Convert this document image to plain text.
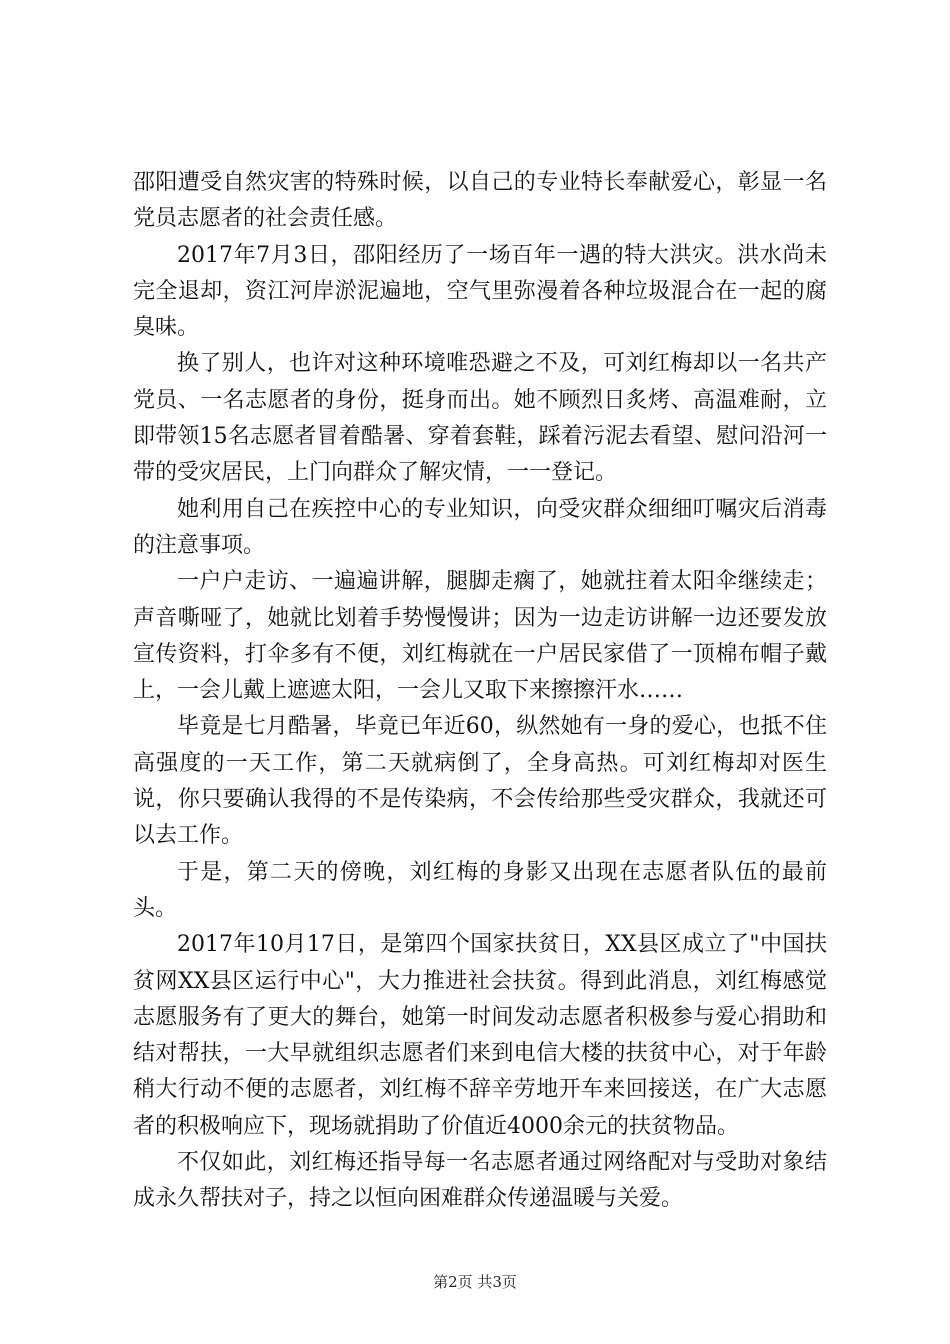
邵阳遭受自然灾害的特殊时候，以自己的专业特长奉献爱心，彰显一名党员志愿者的社会责任感。

2017年7月3日，邵阳经历了一场百年一遇的特大洪灾。洪水尚未完全退却，资江河岸淤泥遍地，空气里弥漫着各种垃圾混合在一起的腐臭味。

换了别人，也许对这种环境唯恐避之不及，可刘红梅却以一名共产党员、一名志愿者的身份，挺身而出。她不顾烈日炙烤、高温难耐，立即带领15名志愿者冒着酷暑、穿着套鞋，踩着污泥去看望、慰问沿河一带的受灾居民，上门向群众了解灾情，一一登记。

她利用自己在疾控中心的专业知识，向受灾群众细细叮嘱灾后消毒的注意事项。

一户户走访、一遍遍讲解，腿脚走瘸了，她就拄着太阳伞继续走；声音嘶哑了，她就比划着手势慢慢讲；因为一边走访讲解一边还要发放宣传资料，打伞多有不便，刘红梅就在一户居民家借了一顶棉布帽子戴上，一会儿戴上遮遮太阳，一会儿又取下来擦擦汗水……

毕竟是七月酷暑，毕竟已年近60，纵然她有一身的爱心，也抵不住高强度的一天工作，第二天就病倒了，全身高热。可刘红梅却对医生说，你只要确认我得的不是传染病，不会传给那些受灾群众，我就还可以去工作。

于是，第二天的傍晚，刘红梅的身影又出现在志愿者队伍的最前头。

2017年10月17日，是第四个国家扶贫日，XX县区成立了"中国扶贫网XX县区运行中心"，大力推进社会扶贫。得到此消息，刘红梅感觉志愿服务有了更大的舞台，她第一时间发动志愿者积极参与爱心捐助和结对帮扶，一大早就组织志愿者们来到电信大楼的扶贫中心，对于年龄稍大行动不便的志愿者，刘红梅不辞辛劳地开车来回接送，在广大志愿者的积极响应下，现场就捐助了价值近4000余元的扶贫物品。

不仅如此，刘红梅还指导每一名志愿者通过网络配对与受助对象结成永久帮扶对子，持之以恒向困难群众传递温暖与关爱。

第2页 共3页
